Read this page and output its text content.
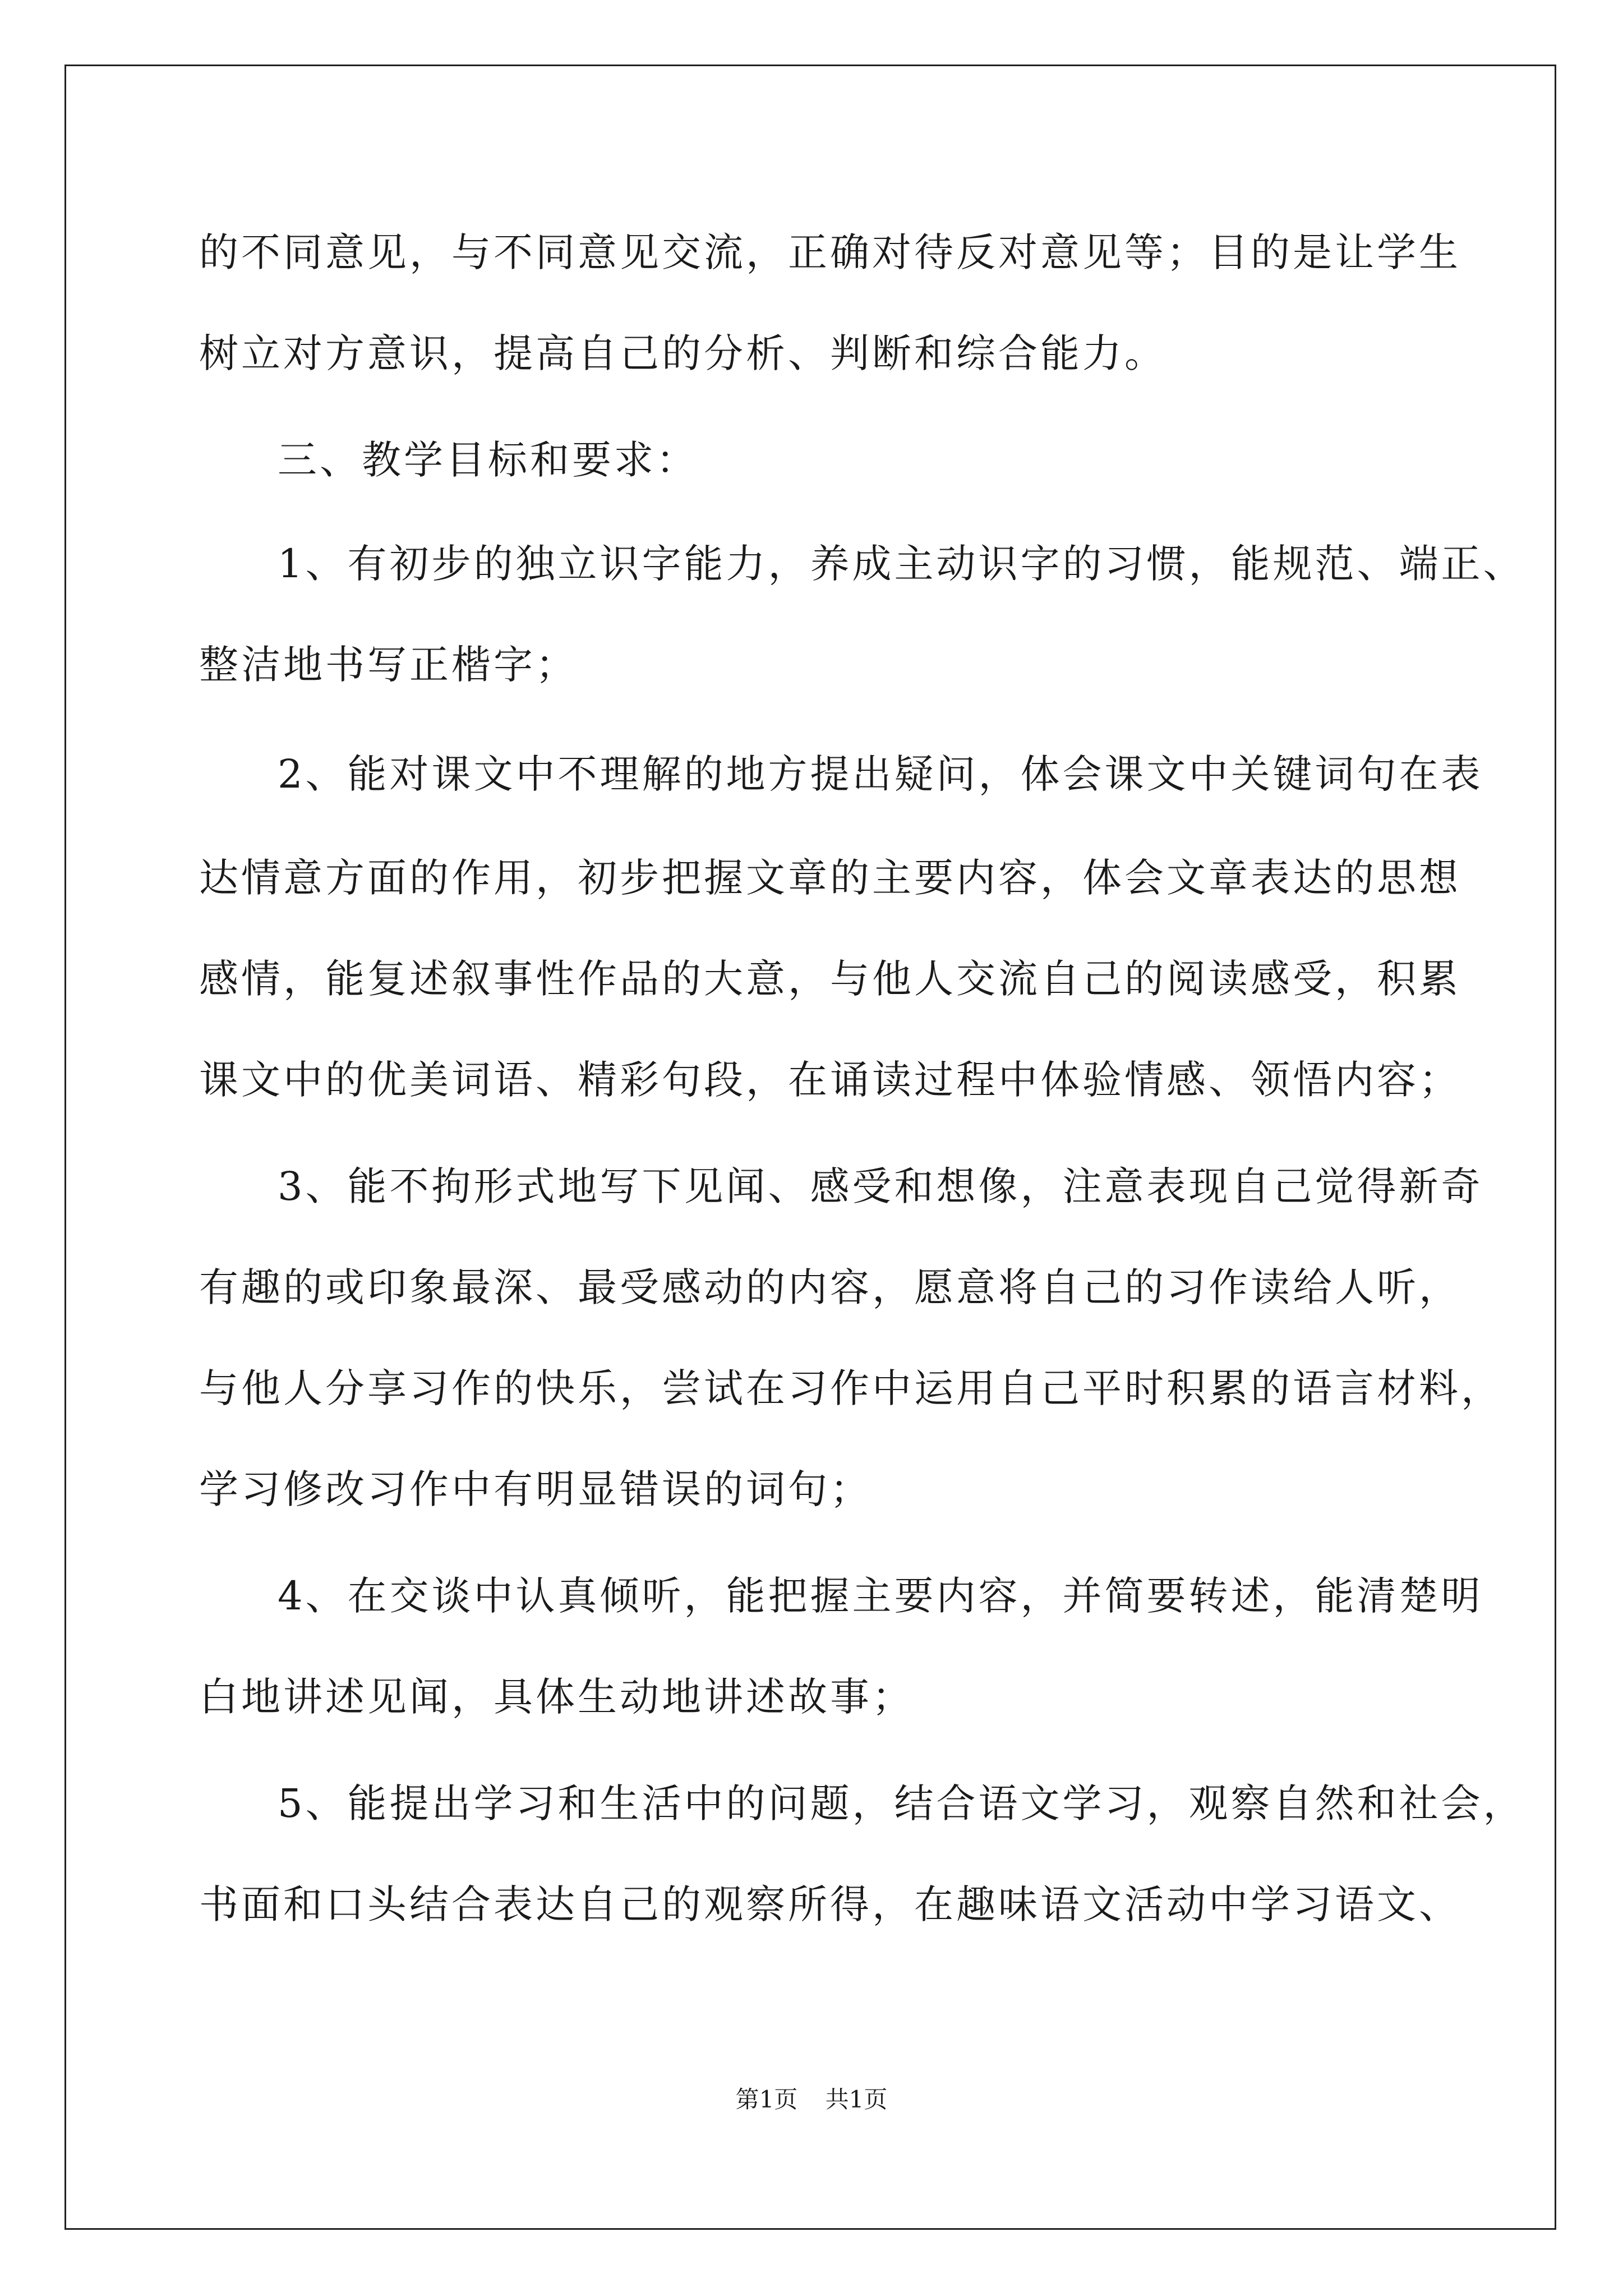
的不同意见，与不同意见交流，正确对待反对意见等；目的是让学生
树立对方意识，提高自己的分析、判断和综合能力。
三、教学目标和要求：
1、有初步的独立识字能力，养成主动识字的习惯，能规范、端正、
整洁地书写正楷字；
2、能对课文中不理解的地方提出疑问，体会课文中关键词句在表
达情意方面的作用，初步把握文章的主要内容，体会文章表达的思想
感情，能复述叙事性作品的大意，与他人交流自己的阅读感受，积累
课文中的优美词语、精彩句段，在诵读过程中体验情感、领悟内容；
3、能不拘形式地写下见闻、感受和想像，注意表现自己觉得新奇
有趣的或印象最深、最受感动的内容，愿意将自己的习作读给人听，
与他人分享习作的快乐，尝试在习作中运用自己平时积累的语言材料，
学习修改习作中有明显错误的词句；
4、在交谈中认真倾听，能把握主要内容，并简要转述，能清楚明
白地讲述见闻，具体生动地讲述故事；
5、能提出学习和生活中的问题，结合语文学习，观察自然和社会，
书面和口头结合表达自己的观察所得，在趣味语文活动中学习语文、
第1页 共1页
